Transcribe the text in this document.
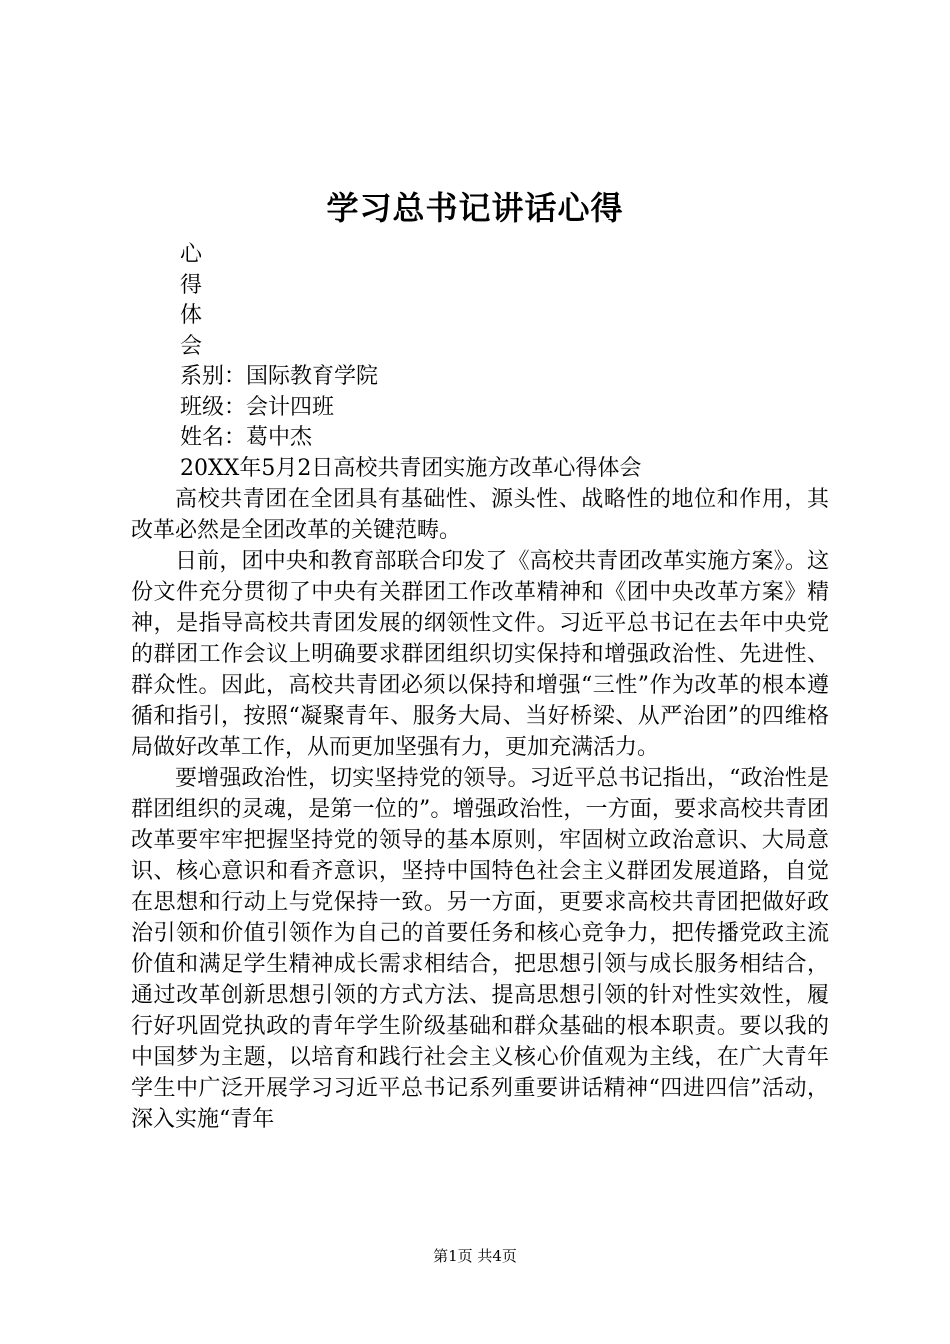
学习总书记讲话心得
心
得
体
会
系别：国际教育学院
班级：会计四班
姓名：葛中杰
20XX年5月2日高校共青团实施方改革心得体会

高校共青团在全团具有基础性、源头性、战略性的地位和作用，其改革必然是全团改革的关键范畴。

日前，团中央和教育部联合印发了《高校共青团改革实施方案》。这份文件充分贯彻了中央有关群团工作改革精神和《团中央改革方案》精神，是指导高校共青团发展的纲领性文件。习近平总书记在去年中央党的群团工作会议上明确要求群团组织切实保持和增强政治性、先进性、群众性。因此，高校共青团必须以保持和增强“三性”作为改革的根本遵循和指引，按照“凝聚青年、服务大局、当好桥梁、从严治团”的四维格局做好改革工作，从而更加坚强有力，更加充满活力。

要增强政治性，切实坚持党的领导。习近平总书记指出，“政治性是群团组织的灵魂，是第一位的”。增强政治性，一方面，要求高校共青团改革要牢牢把握坚持党的领导的基本原则，牢固树立政治意识、大局意识、核心意识和看齐意识，坚持中国特色社会主义群团发展道路，自觉在思想和行动上与党保持一致。另一方面，更要求高校共青团把做好政治引领和价值引领作为自己的首要任务和核心竞争力，把传播党政主流价值和满足学生精神成长需求相结合，把思想引领与成长服务相结合，通过改革创新思想引领的方式方法、提高思想引领的针对性实效性，履行好巩固党执政的青年学生阶级基础和群众基础的根本职责。要以我的中国梦为主题，以培育和践行社会主义核心价值观为主线，在广大青年学生中广泛开展学习习近平总书记系列重要讲话精神“四进四信”活动，深入实施“青年

第1页 共4页
